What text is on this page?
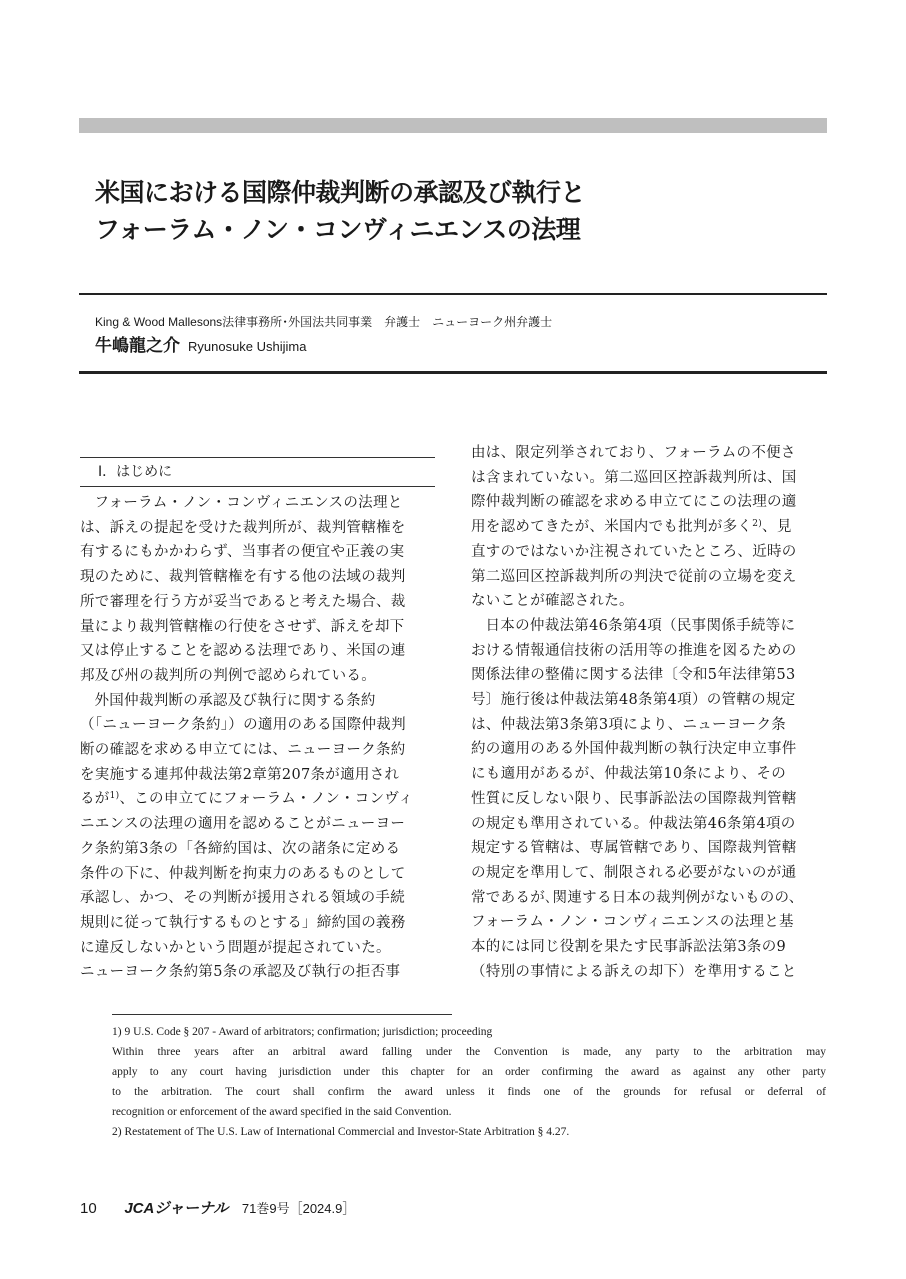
米国における国際仲裁判断の承認及び執行と
フォーラム・ノン・コンヴィニエンスの法理
King & Wood Mallesons法律事務所･外国法共同事業　弁護士　ニューヨーク州弁護士
牛嶋龍之介 Ryunosuke Ushijima
Ⅰ．はじめに

フォーラム・ノン・コンヴィニエンスの法理と

は、訴えの提起を受けた裁判所が、裁判管轄権を

有するにもかかわらず、当事者の便宜や正義の実

現のために、裁判管轄権を有する他の法域の裁判

所で審理を行う方が妥当であると考えた場合、裁

量により裁判管轄権の行使をさせず、訴えを却下

又は停止することを認める法理であり、米国の連

邦及び州の裁判所の判例で認められている。

外国仲裁判断の承認及び執行に関する条約

（「ニューヨーク条約」）の適用のある国際仲裁判

断の確認を求める申立てには、ニューヨーク条約

を実施する連邦仲裁法第2章第207条が適用され

るが$^{1)}$、この申立てにフォーラム・ノン・コンヴィ

ニエンスの法理の適用を認めることがニューヨー

ク条約第3条の「各締約国は、次の諸条に定める

条件の下に、仲裁判断を拘束力のあるものとして

承認し、かつ、その判断が援用される領域の手続

規則に従って執行するものとする」締約国の義務

に違反しないかという問題が提起されていた。

ニューヨーク条約第5条の承認及び執行の拒否事

由は、限定列挙されており、フォーラムの不便さ

は含まれていない。第二巡回区控訴裁判所は、国

際仲裁判断の確認を求める申立てにこの法理の適

用を認めてきたが、米国内でも批判が多く$^{2)}$、見

直すのではないか注視されていたところ、近時の

第二巡回区控訴裁判所の判決で従前の立場を変え

ないことが確認された。

日本の仲裁法第46条第4項（民事関係手続等に

おける情報通信技術の活用等の推進を図るための

関係法律の整備に関する法律〔令和5年法律第53

号〕施行後は仲裁法第48条第4項）の管轄の規定

は、仲裁法第3条第3項により、ニューヨーク条

約の適用のある外国仲裁判断の執行決定申立事件

にも適用があるが、仲裁法第10条により、その

性質に反しない限り、民事訴訟法の国際裁判管轄

の規定も準用されている。仲裁法第46条第4項の

規定する管轄は、専属管轄であり、国際裁判管轄

の規定を準用して、制限される必要がないのが通

常であるが､関連する日本の裁判例がないものの、

フォーラム・ノン・コンヴィニエンスの法理と基

本的には同じ役割を果たす民事訴訟法第3条の9

（特別の事情による訴えの却下）を準用すること

1) 9 U.S. Code § 207 - Award of arbitrators; confirmation; jurisdiction; proceeding

Within three years after an arbitral award falling under the Convention is made, any party to the arbitration may

apply to any court having jurisdiction under this chapter for an order confirming the award as against any other party

to the arbitration. The court shall confirm the award unless it finds one of the grounds for refusal or deferral of

recognition or enforcement of the award specified in the said Convention.

2) Restatement of The U.S. Law of International Commercial and Investor-State Arbitration § 4.27.

10 JCAジャーナル 71巻9号［2024.9］
